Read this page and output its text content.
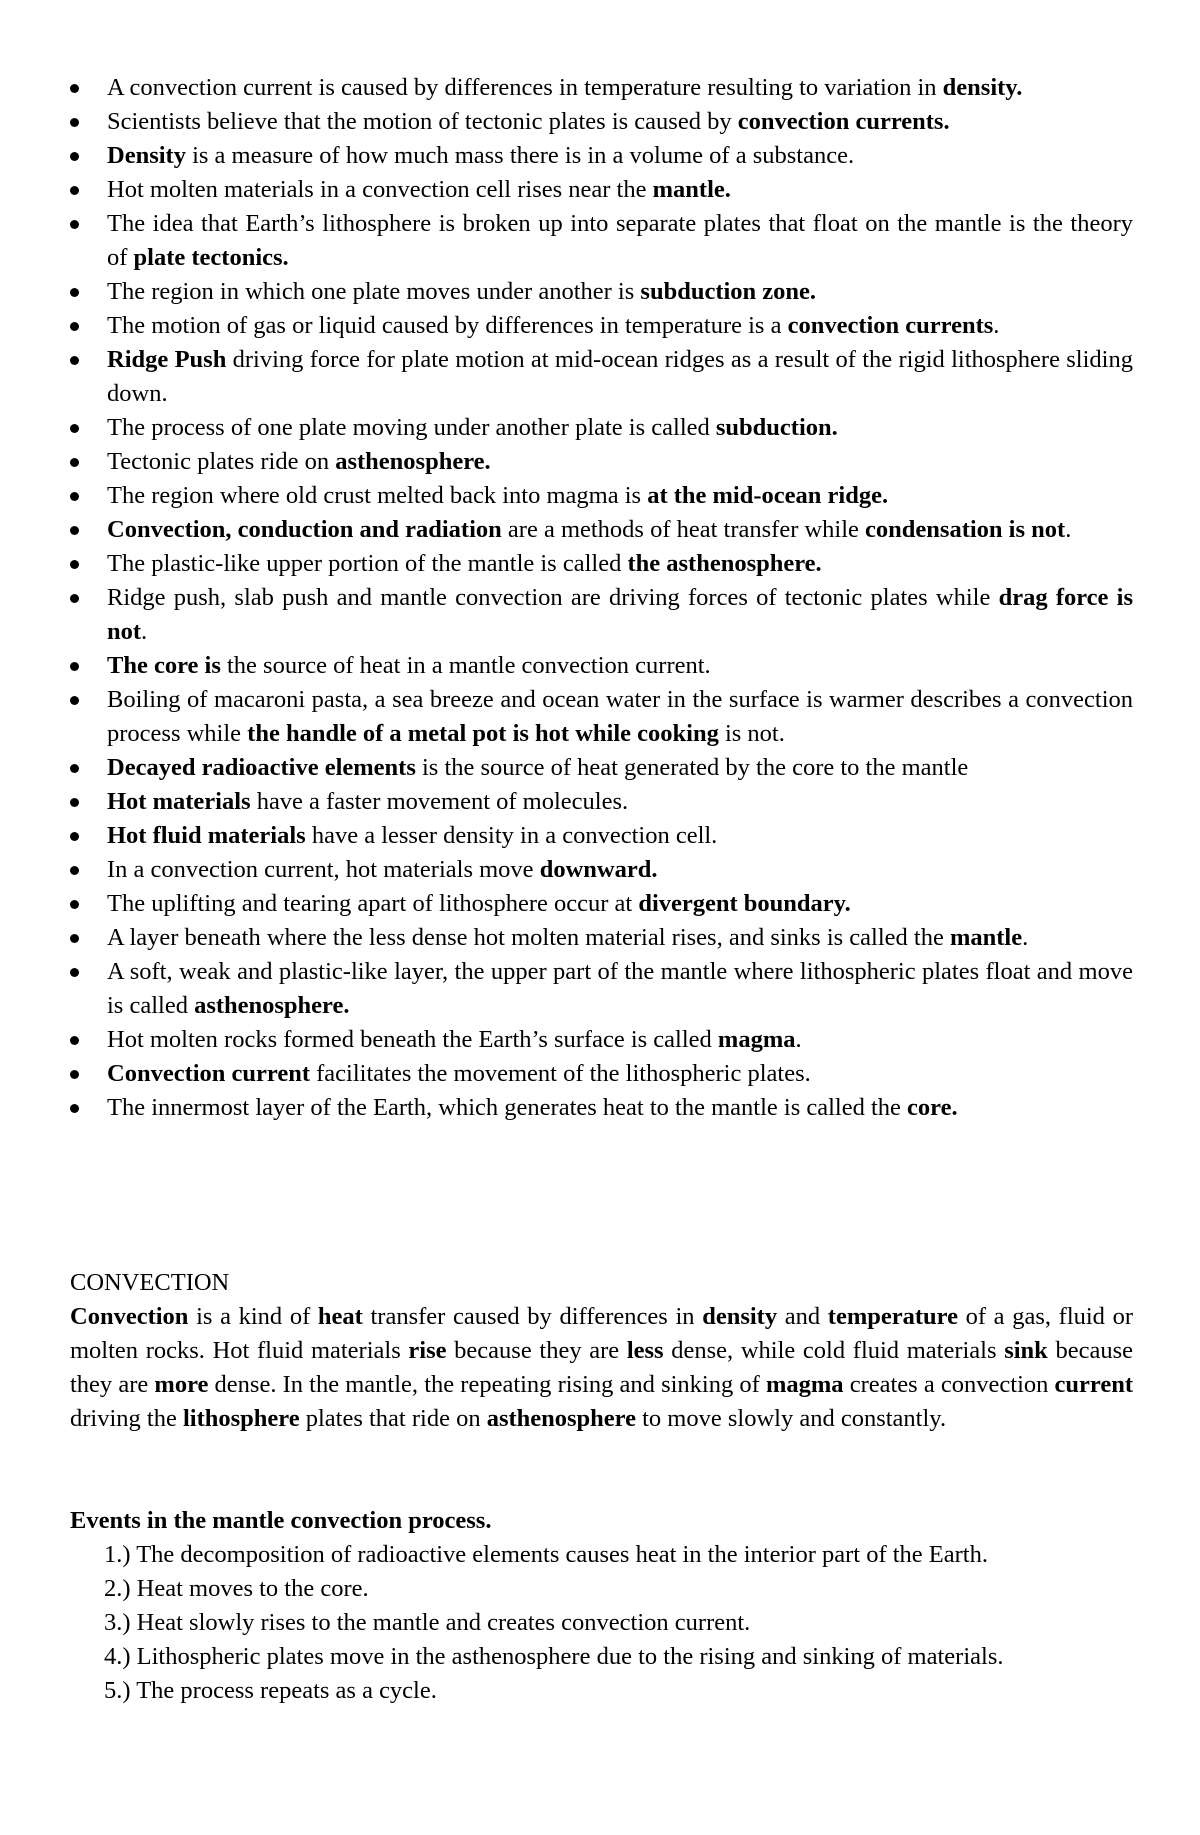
A convection current is caused by differences in temperature resulting to variation in density.
Scientists believe that the motion of tectonic plates is caused by convection currents.
Density is a measure of how much mass there is in a volume of a substance.
Hot molten materials in a convection cell rises near the mantle.
The idea that Earth’s lithosphere is broken up into separate plates that float on the mantle is the theory of plate tectonics.
The region in which one plate moves under another is subduction zone.
The motion of gas or liquid caused by differences in temperature is a convection currents.
Ridge Push driving force for plate motion at mid-ocean ridges as a result of the rigid lithosphere sliding down.
The process of one plate moving under another plate is called subduction.
Tectonic plates ride on asthenosphere.
The region where old crust melted back into magma is at the mid-ocean ridge.
Convection, conduction and radiation are a methods of heat transfer while condensation is not.
The plastic-like upper portion of the mantle is called the asthenosphere.
Ridge push, slab push and mantle convection are driving forces of tectonic plates while drag force is not.
The core is the source of heat in a mantle convection current.
Boiling of macaroni pasta, a sea breeze and ocean water in the surface is warmer describes a convection process while the handle of a metal pot is hot while cooking is not.
Decayed radioactive elements is the source of heat generated by the core to the mantle
Hot materials have a faster movement of molecules.
Hot fluid materials have a lesser density in a convection cell.
In a convection current, hot materials move downward.
The uplifting and tearing apart of lithosphere occur at divergent boundary.
A layer beneath where the less dense hot molten material rises, and sinks is called the mantle.
A soft, weak and plastic-like layer, the upper part of the mantle where lithospheric plates float and move is called asthenosphere.
Hot molten rocks formed beneath the Earth’s surface is called magma.
Convection current facilitates the movement of the lithospheric plates.
The innermost layer of the Earth, which generates heat to the mantle is called the core.
CONVECTION
Convection is a kind of heat transfer caused by differences in density and temperature of a gas, fluid or molten rocks. Hot fluid materials rise because they are less dense, while cold fluid materials sink because they are more dense. In the mantle, the repeating rising and sinking of magma creates a convection current driving the lithosphere plates that ride on asthenosphere to move slowly and constantly.
Events in the mantle convection process.
1.) The decomposition of radioactive elements causes heat in the interior part of the Earth.
2.) Heat moves to the core.
3.) Heat slowly rises to the mantle and creates convection current.
4.) Lithospheric plates move in the asthenosphere due to the rising and sinking of materials.
5.) The process repeats as a cycle.
